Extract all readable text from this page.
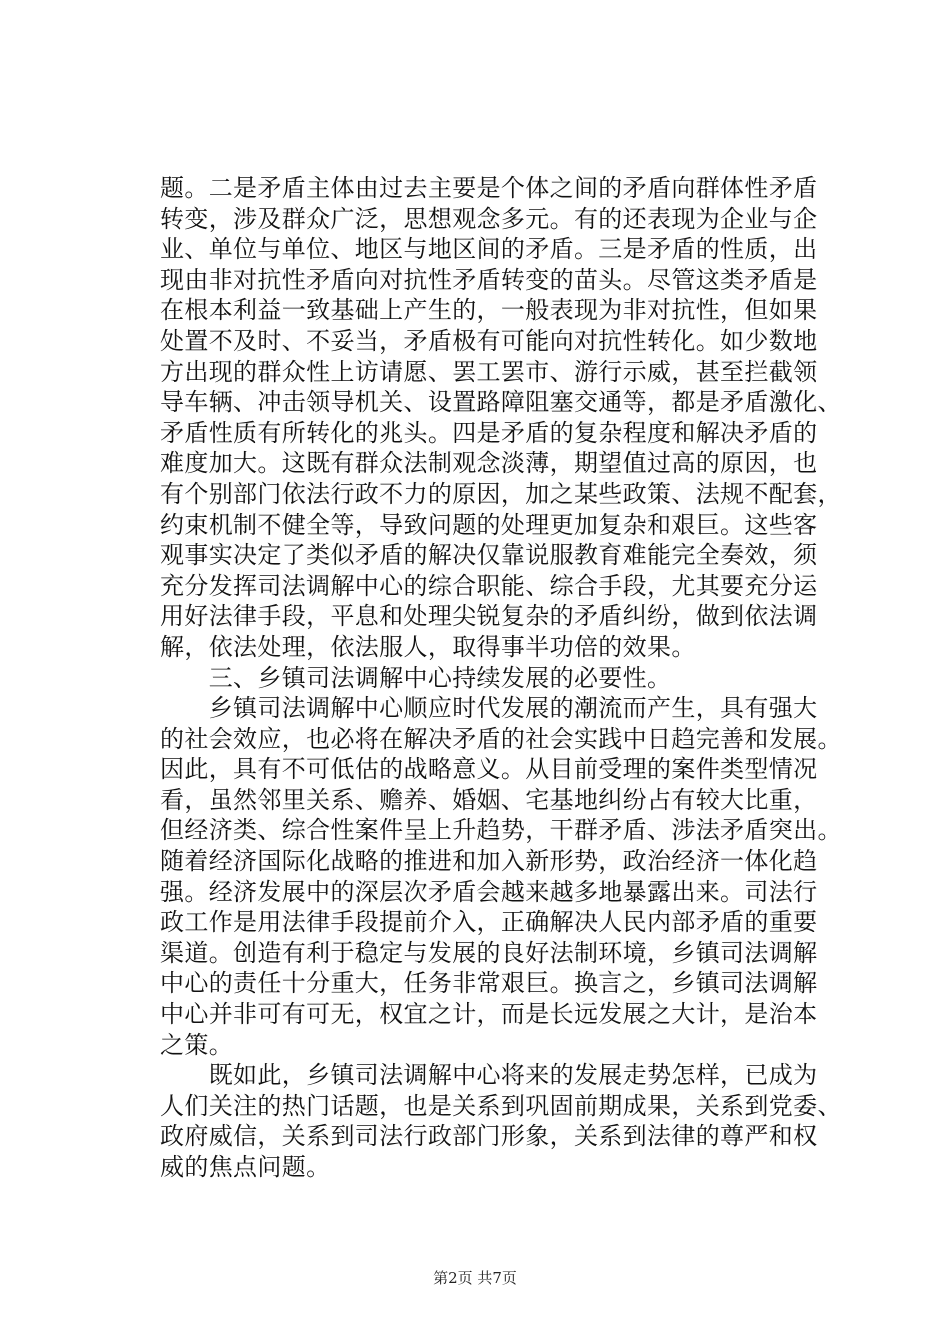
题。二是矛盾主体由过去主要是个体之间的矛盾向群体性矛盾
转变，涉及群众广泛，思想观念多元。有的还表现为企业与企
业、单位与单位、地区与地区间的矛盾。三是矛盾的性质，出
现由非对抗性矛盾向对抗性矛盾转变的苗头。尽管这类矛盾是
在根本利益一致基础上产生的，一般表现为非对抗性，但如果
处置不及时、不妥当，矛盾极有可能向对抗性转化。如少数地
方出现的群众性上访请愿、罢工罢市、游行示威，甚至拦截领
导车辆、冲击领导机关、设置路障阻塞交通等，都是矛盾激化、
矛盾性质有所转化的兆头。四是矛盾的复杂程度和解决矛盾的
难度加大。这既有群众法制观念淡薄，期望值过高的原因，也
有个别部门依法行政不力的原因，加之某些政策、法规不配套，
约束机制不健全等，导致问题的处理更加复杂和艰巨。这些客
观事实决定了类似矛盾的解决仅靠说服教育难能完全奏效，须
充分发挥司法调解中心的综合职能、综合手段，尤其要充分运
用好法律手段，平息和处理尖锐复杂的矛盾纠纷，做到依法调
解，依法处理，依法服人，取得事半功倍的效果。
　　三、乡镇司法调解中心持续发展的必要性。
　　乡镇司法调解中心顺应时代发展的潮流而产生，具有强大
的社会效应，也必将在解决矛盾的社会实践中日趋完善和发展。
因此，具有不可低估的战略意义。从目前受理的案件类型情况
看，虽然邻里关系、赡养、婚姻、宅基地纠纷占有较大比重，
但经济类、综合性案件呈上升趋势，干群矛盾、涉法矛盾突出。
随着经济国际化战略的推进和加入新形势，政治经济一体化趋
强。经济发展中的深层次矛盾会越来越多地暴露出来。司法行
政工作是用法律手段提前介入，正确解决人民内部矛盾的重要
渠道。创造有利于稳定与发展的良好法制环境，乡镇司法调解
中心的责任十分重大，任务非常艰巨。换言之，乡镇司法调解
中心并非可有可无，权宜之计，而是长远发展之大计，是治本
之策。
　　既如此，乡镇司法调解中心将来的发展走势怎样，已成为
人们关注的热门话题，也是关系到巩固前期成果，关系到党委、
政府威信，关系到司法行政部门形象，关系到法律的尊严和权
威的焦点问题。
第2页 共7页
